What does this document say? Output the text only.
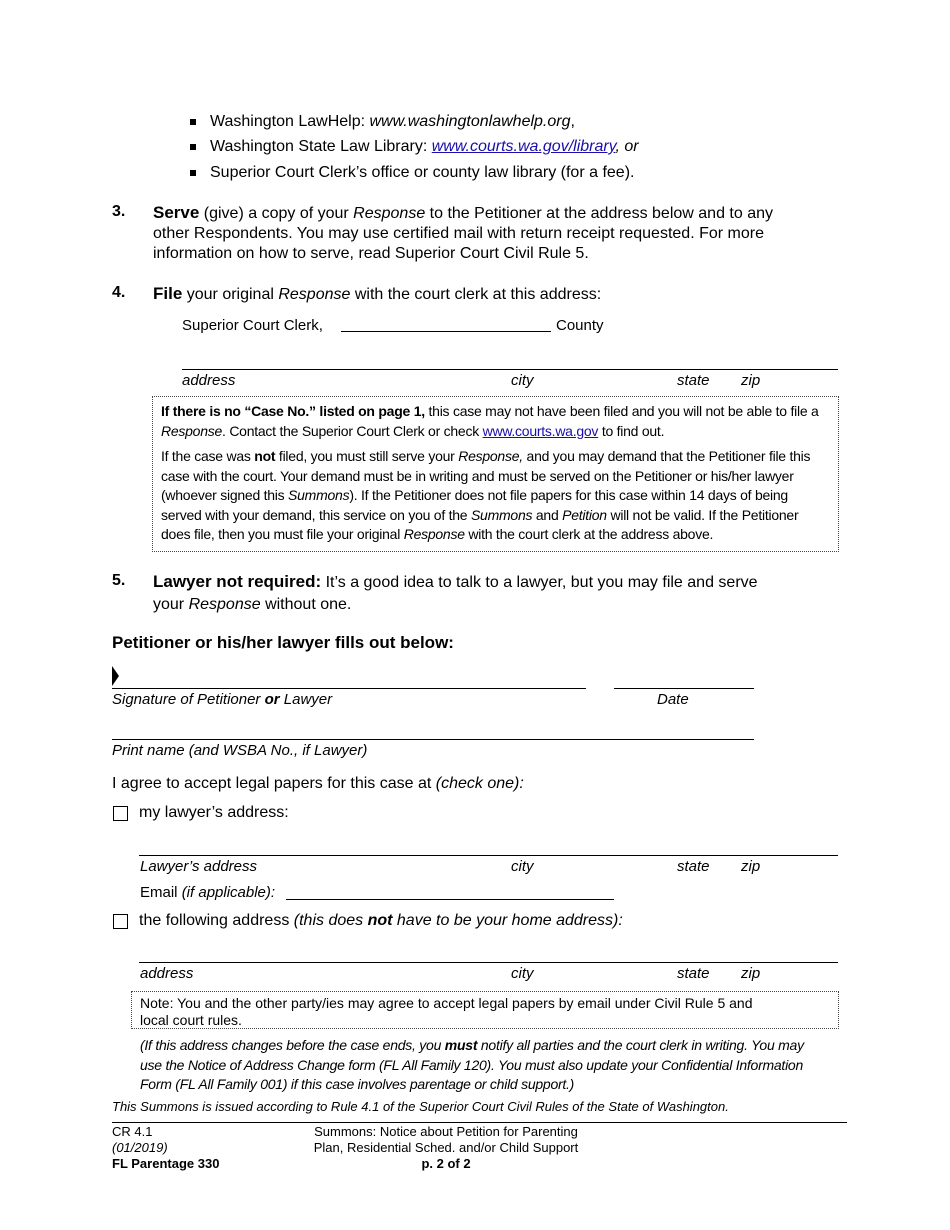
Washington LawHelp: www.washingtonlawhelp.org,
Washington State Law Library: www.courts.wa.gov/library, or
Superior Court Clerk’s office or county law library (for a fee).
3. Serve (give) a copy of your Response to the Petitioner at the address below and to any
other Respondents. You may use certified mail with return receipt requested. For more
information on how to serve, read Superior Court Civil Rule 5.
4. File your original Response with the court clerk at this address:
Superior Court Clerk,	County
address	city	state zip
If there is no “Case No.” listed on page 1, this case may not have been filed and you will not be able to file a
Response. Contact the Superior Court Clerk or check www.courts.wa.gov to find out.
If the case was not filed, you must still serve your Response, and you may demand that the Petitioner file this
case with the court. Your demand must be in writing and must be served on the Petitioner or his/her lawyer
(whoever signed this Summons). If the Petitioner does not file papers for this case within 14 days of being
served with your demand, this service on you of the Summons and Petition will not be valid. If the Petitioner
does file, then you must file your original Response with the court clerk at the address above.
5. Lawyer not required: It’s a good idea to talk to a lawyer, but you may file and serve
your Response without one.
Petitioner or his/her lawyer fills out below:
Signature of Petitioner or Lawyer	Date
Print name (and WSBA No., if Lawyer)
I agree to accept legal papers for this case at (check one):
my lawyer’s address:
Lawyer’s address	city	state zip
Email (if applicable):
the following address (this does not have to be your home address):
address	city	state zip
Note: You and the other party/ies may agree to accept legal papers by email under Civil Rule 5 and
local court rules.
(If this address changes before the case ends, you must notify all parties and the court clerk in writing. You may
use the Notice of Address Change form (FL All Family 120). You must also update your Confidential Information
Form (FL All Family 001) if this case involves parentage or child support.)
This Summons is issued according to Rule 4.1 of the Superior Court Civil Rules of the State of Washington.
CR 4.1
(01/2019)
FL Parentage 330
Summons: Notice about Petition for Parenting
Plan, Residential Sched. and/or Child Support
p. 2 of 2
